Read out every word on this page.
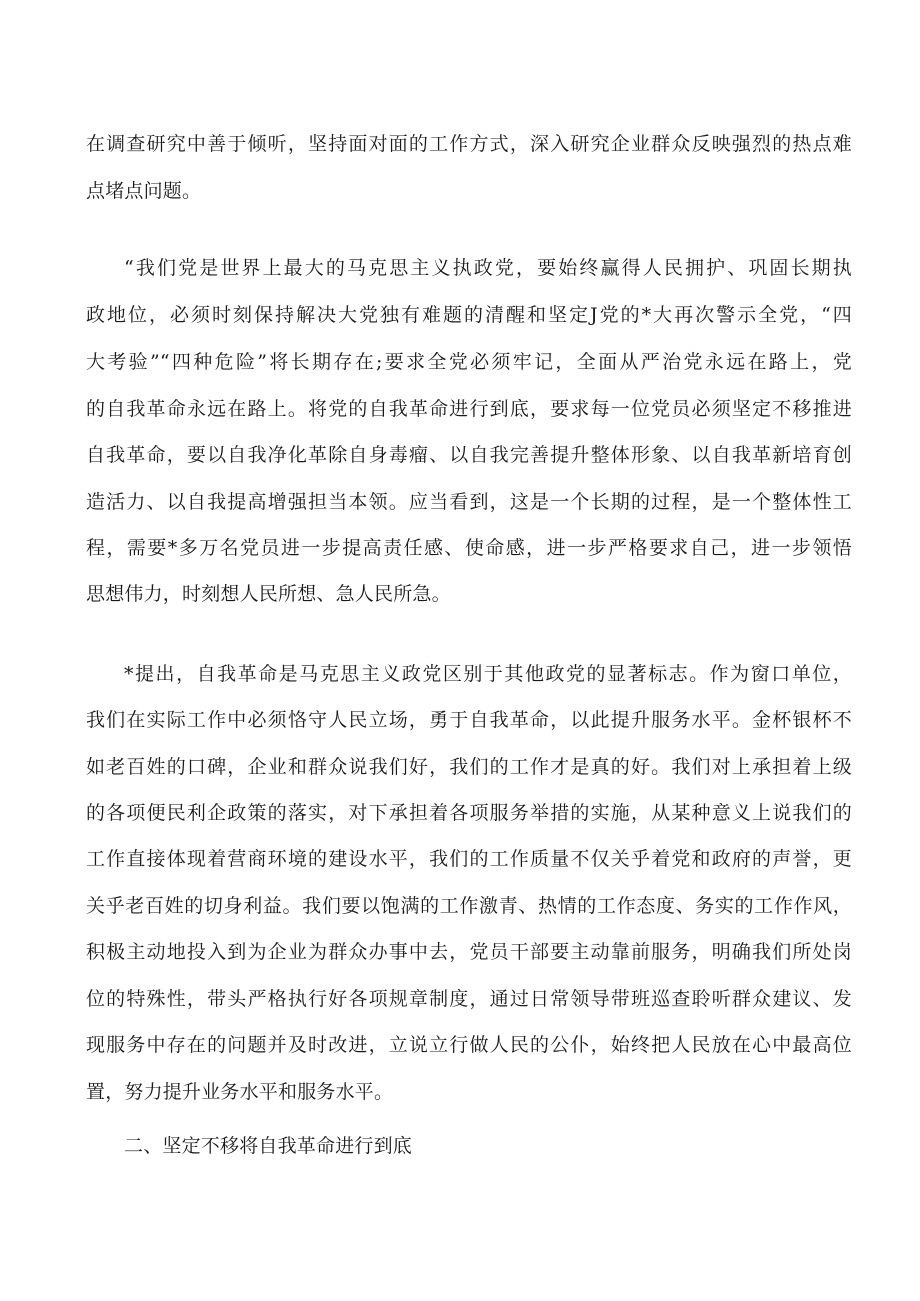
在调查研究中善于倾听，坚持面对面的工作方式，深入研究企业群众反映强烈的热点难
点堵点问题。
“我们党是世界上最大的马克思主义执政党，要始终赢得人民拥护、巩固长期执
政地位，必须时刻保持解决大党独有难题的清醒和坚定J党的*大再次警示全党，“四
大考验”“四种危险”将长期存在;要求全党必须牢记，全面从严治党永远在路上，党
的自我革命永远在路上。将党的自我革命进行到底，要求每一位党员必须坚定不移推进
自我革命，要以自我净化革除自身毒瘤、以自我完善提升整体形象、以自我革新培育创
造活力、以自我提高增强担当本领。应当看到，这是一个长期的过程，是一个整体性工
程，需要*多万名党员进一步提高责任感、使命感，进一步严格要求自己，进一步领悟
思想伟力，时刻想人民所想、急人民所急。
*提出，自我革命是马克思主义政党区别于其他政党的显著标志。作为窗口单位，
我们在实际工作中必须恪守人民立场，勇于自我革命，以此提升服务水平。金杯银杯不
如老百姓的口碑，企业和群众说我们好，我们的工作才是真的好。我们对上承担着上级
的各项便民利企政策的落实，对下承担着各项服务举措的实施，从某种意义上说我们的
工作直接体现着营商环境的建设水平，我们的工作质量不仅关乎着党和政府的声誉，更
关乎老百姓的切身利益。我们要以饱满的工作激青、热情的工作态度、务实的工作作风，
积极主动地投入到为企业为群众办事中去，党员干部要主动靠前服务，明确我们所处岗
位的特殊性，带头严格执行好各项规章制度，通过日常领导带班巡查聆听群众建议、发
现服务中存在的问题并及时改进，立说立行做人民的公仆，始终把人民放在心中最高位
置，努力提升业务水平和服务水平。
二、坚定不移将自我革命进行到底
